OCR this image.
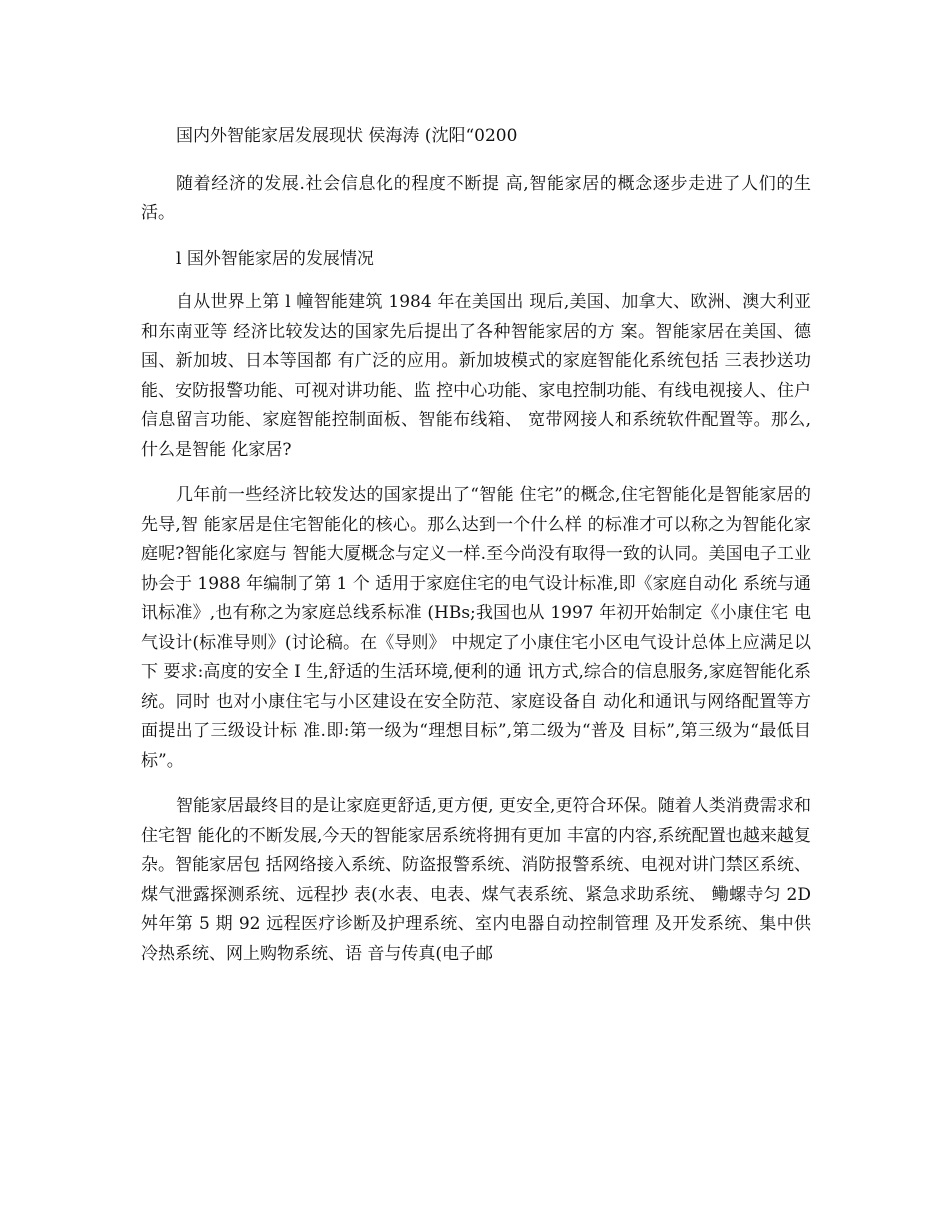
国内外智能家居发展现状 侯海涛 (沈阳“0200

随着经济的发展.社会信息化的程度不断提 高,智能家居的概念逐步走进了人们的生活。

l 国外智能家居的发展情况

自从世界上第 l 幢智能建筑 1984 年在美国出 现后,美国、加拿大、欧洲、澳大利亚和东南亚等 经济比较发达的国家先后提出了各种智能家居的方 案。智能家居在美国、德国、新加坡、日本等国都 有广泛的应用。新加坡模式的家庭智能化系统包括 三表抄送功能、安防报警功能、可视对讲功能、监 控中心功能、家电控制功能、有线电视接人、住户 信息留言功能、家庭智能控制面板、智能布线箱、 宽带网接人和系统软件配置等。那么,什么是智能 化家居?

几年前一些经济比较发达的国家提出了“智能 住宅”的概念,住宅智能化是智能家居的先导,智 能家居是住宅智能化的核心。那么达到一个什么样 的标准才可以称之为智能化家庭呢?智能化家庭与 智能大厦概念与定义一样.至今尚没有取得一致的认同。美国电子工业协会于 1988 年编制了第 1 个 适用于家庭住宅的电气设计标准,即《家庭自动化 系统与通讯标准》,也有称之为家庭总线系标准 (HBs;我国也从 1997 年初开始制定《小康住宅 电气设计(标准导则》(讨论稿。在《导则》 中规定了小康住宅小区电气设计总体上应满足以下 要求:高度的安全 I 生,舒适的生活环境,便利的通 讯方式,综合的信息服务,家庭智能化系统。同时 也对小康住宅与小区建设在安全防范、家庭设备自 动化和通讯与网络配置等方面提出了三级设计标 准.即:第一级为“理想目标”,第二级为“普及 目标”,第三级为“最低目标”。

智能家居最终目的是让家庭更舒适,更方便, 更安全,更符合环保。随着人类消费需求和住宅智 能化的不断发展,今天的智能家居系统将拥有更加 丰富的内容,系统配置也越来越复杂。智能家居包 括网络接入系统、防盗报警系统、消防报警系统、电视对讲门禁区系统、煤气泄露探测系统、远程抄 表(水表、电表、煤气表系统、紧急求助系统、 鳓螺寺匀 2D 舛年第 5 期 92 远程医疗诊断及护理系统、室内电器自动控制管理 及开发系统、集中供冷热系统、网上购物系统、语 音与传真(电子邮
